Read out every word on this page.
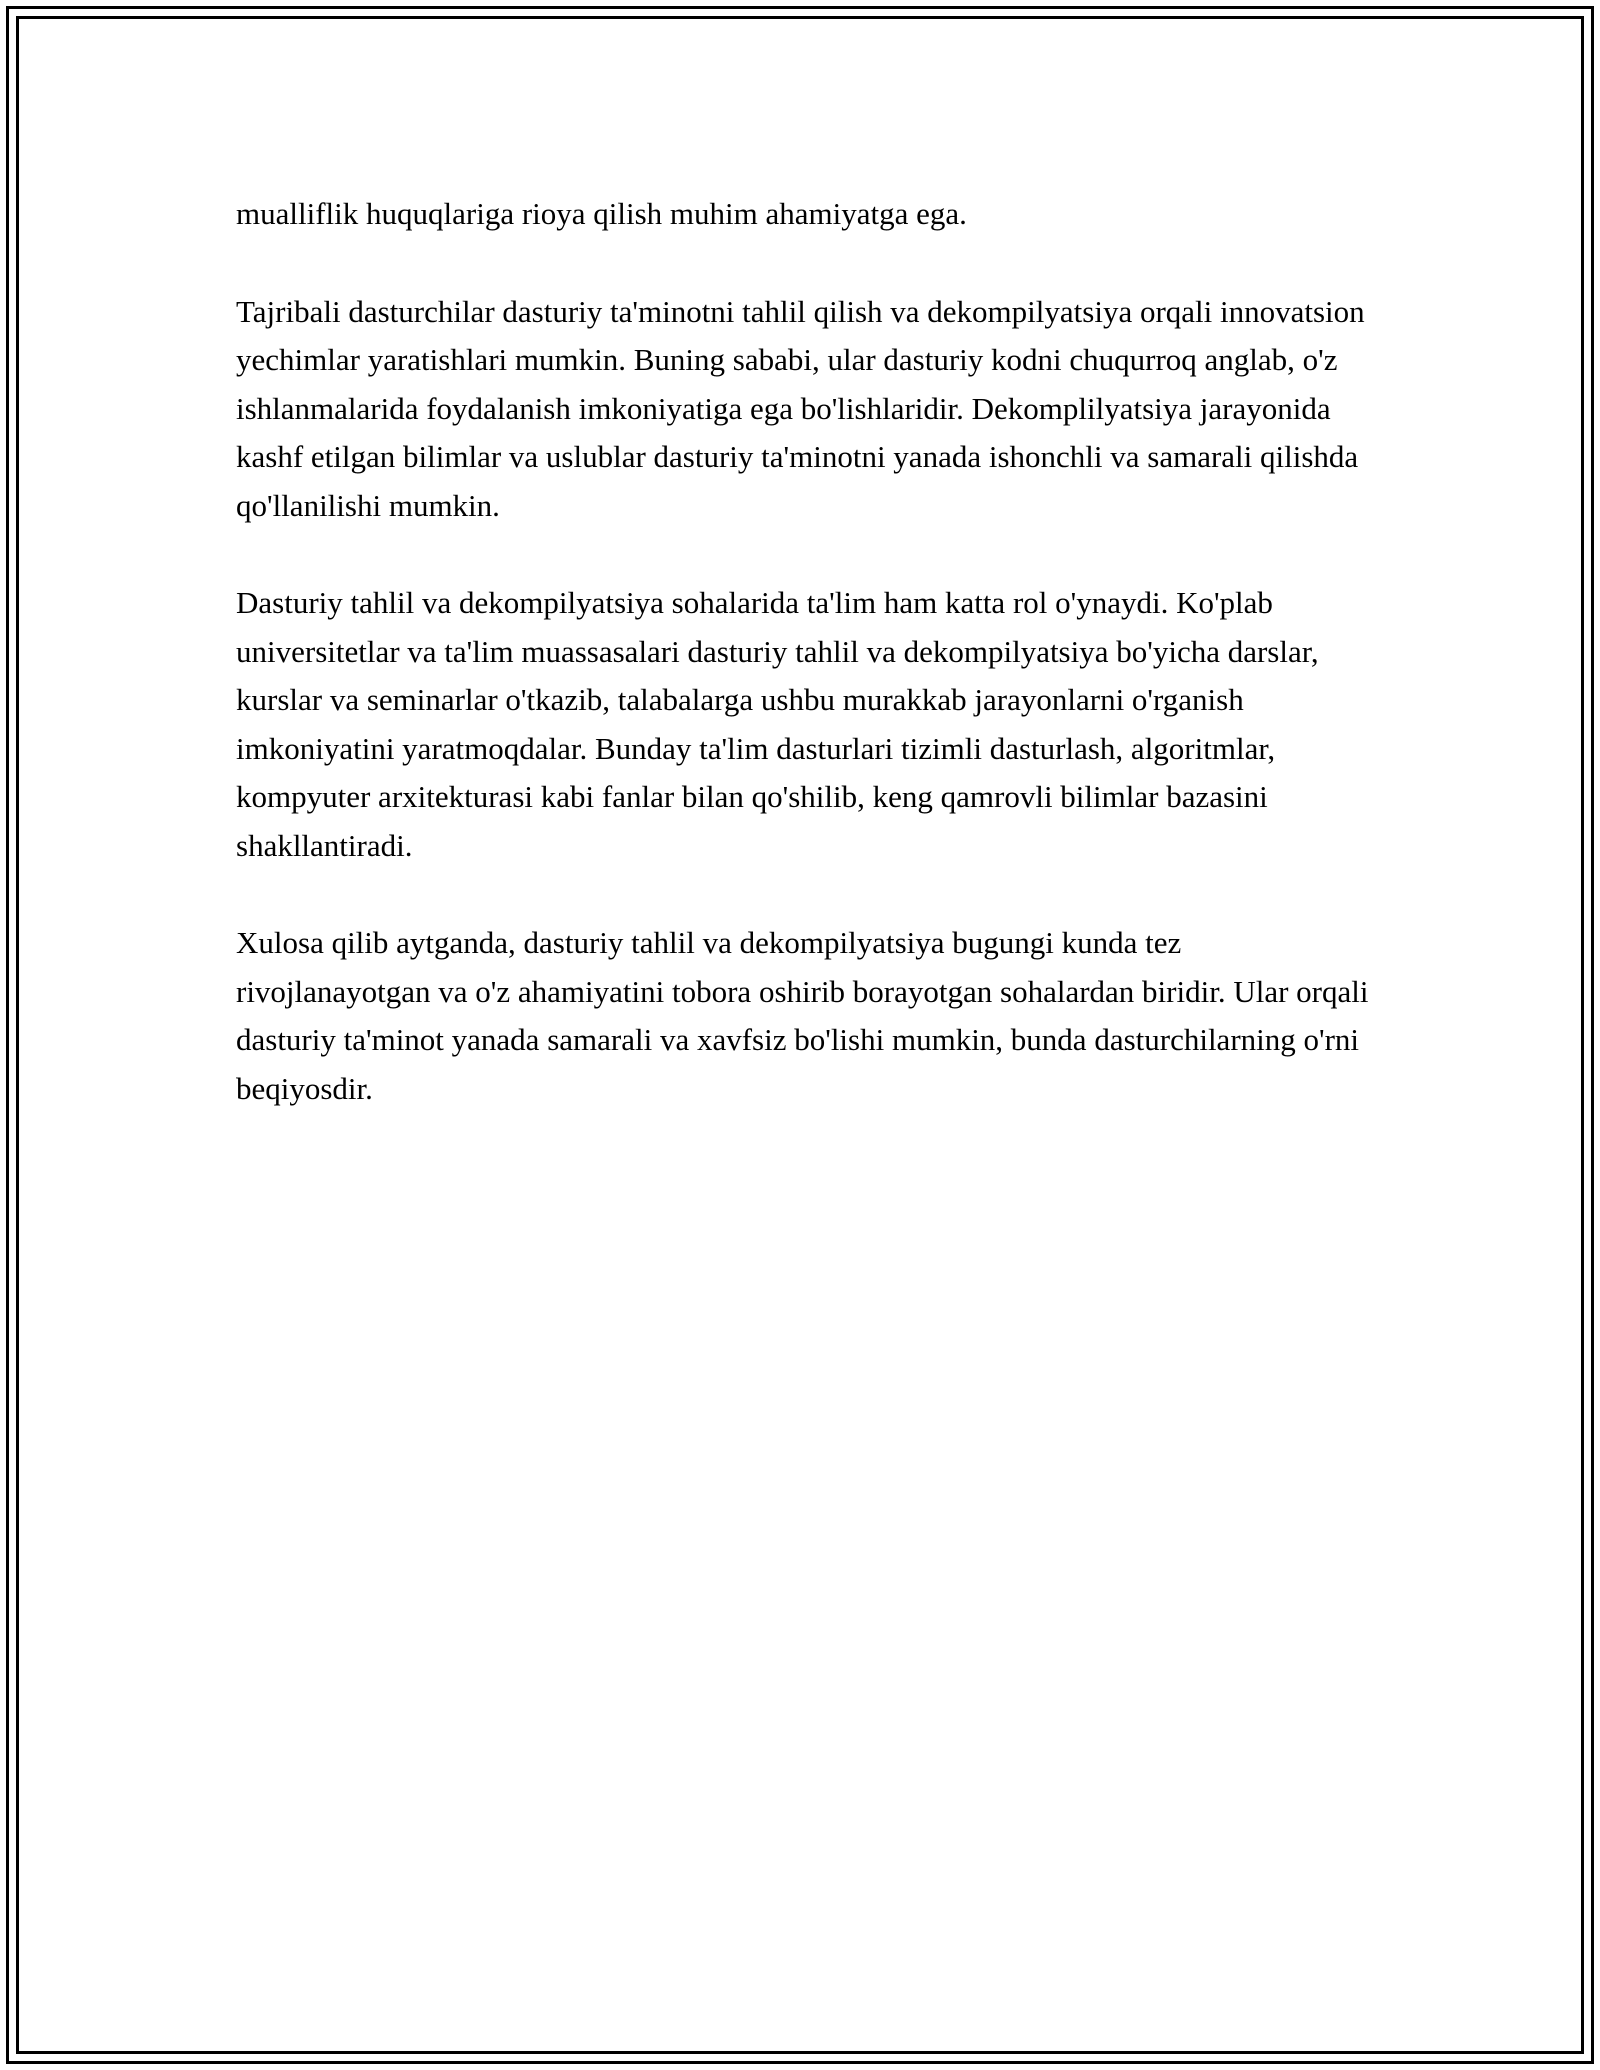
mualliflik huquqlariga rioya qilish muhim ahamiyatga ega.

Tajribali dasturchilar dasturiy ta'minotni tahlil qilish va dekompilyatsiya orqali innovatsion yechimlar yaratishlari mumkin. Buning sababi, ular dasturiy kodni chuqurroq anglab, o'z ishlanmalarida foydalanish imkoniyatiga ega bo'lishlaridir. Dekomplilyatsiya jarayonida kashf etilgan bilimlar va uslublar dasturiy ta'minotni yanada ishonchli va samarali qilishda qo'llanilishi mumkin.

Dasturiy tahlil va dekompilyatsiya sohalarida ta'lim ham katta rol o'ynaydi. Ko'plab universitetlar va ta'lim muassasalari dasturiy tahlil va dekompilyatsiya bo'yicha darslar, kurslar va seminarlar o'tkazib, talabalarga ushbu murakkab jarayonlarni o'rganish imkoniyatini yaratmoqdalar. Bunday ta'lim dasturlari tizimli dasturlash, algoritmlar, kompyuter arxitekturasi kabi fanlar bilan qo'shilib, keng qamrovli bilimlar bazasini shakllantiradi.

Xulosa qilib aytganda, dasturiy tahlil va dekompilyatsiya bugungi kunda tez rivojlanayotgan va o'z ahamiyatini tobora oshirib borayotgan sohalardan biridir. Ular orqali dasturiy ta'minot yanada samarali va xavfsiz bo'lishi mumkin, bunda dasturchilarning o'rni beqiyosdir.
